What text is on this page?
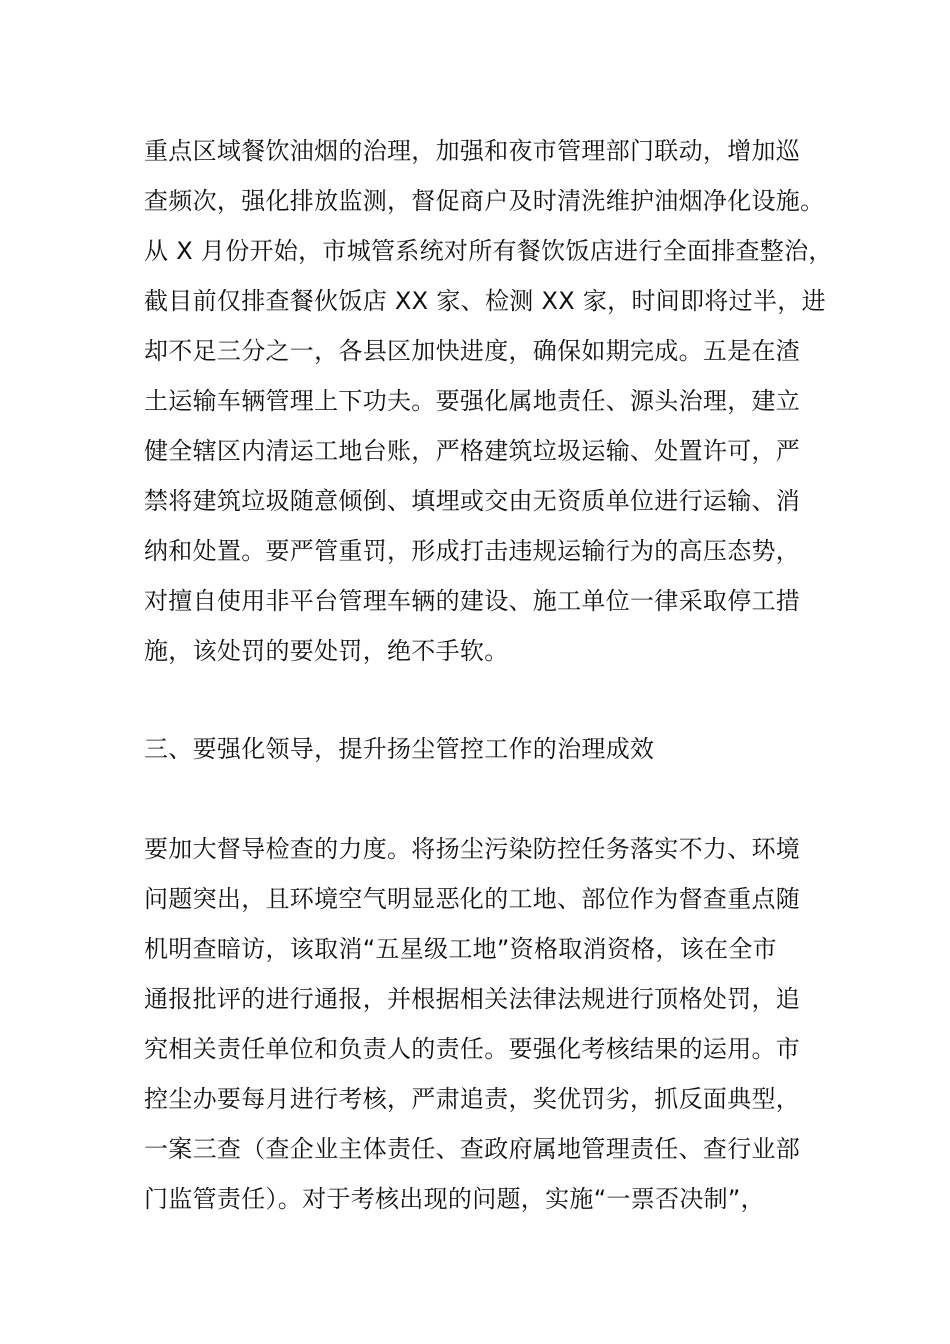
重点区域餐饮油烟的治理，加强和夜市管理部门联动，增加巡
查频次，强化排放监测，督促商户及时清洗维护油烟净化设施。
从 X 月份开始，市城管系统对所有餐饮饭店进行全面排查整治，
截目前仅排查餐伙饭店 XX 家、检测 XX 家，时间即将过半，进
却不足三分之一，各县区加快进度，确保如期完成。五是在渣
土运输车辆管理上下功夫。要强化属地责任、源头治理，建立
健全辖区内清运工地台账，严格建筑垃圾运输、处置许可，严
禁将建筑垃圾随意倾倒、填埋或交由无资质单位进行运输、消
纳和处置。要严管重罚，形成打击违规运输行为的高压态势，
对擅自使用非平台管理车辆的建设、施工单位一律采取停工措
施，该处罚的要处罚，绝不手软。
三、要强化领导，提升扬尘管控工作的治理成效
要加大督导检查的力度。将扬尘污染防控任务落实不力、环境
问题突出，且环境空气明显恶化的工地、部位作为督查重点随
机明查暗访，该取消“五星级工地”资格取消资格，该在全市
通报批评的进行通报，并根据相关法律法规进行顶格处罚，追
究相关责任单位和负责人的责任。要强化考核结果的运用。市
控尘办要每月进行考核，严肃追责，奖优罚劣，抓反面典型，
一案三查（查企业主体责任、查政府属地管理责任、查行业部
门监管责任）。对于考核出现的问题，实施“一票否决制”，
